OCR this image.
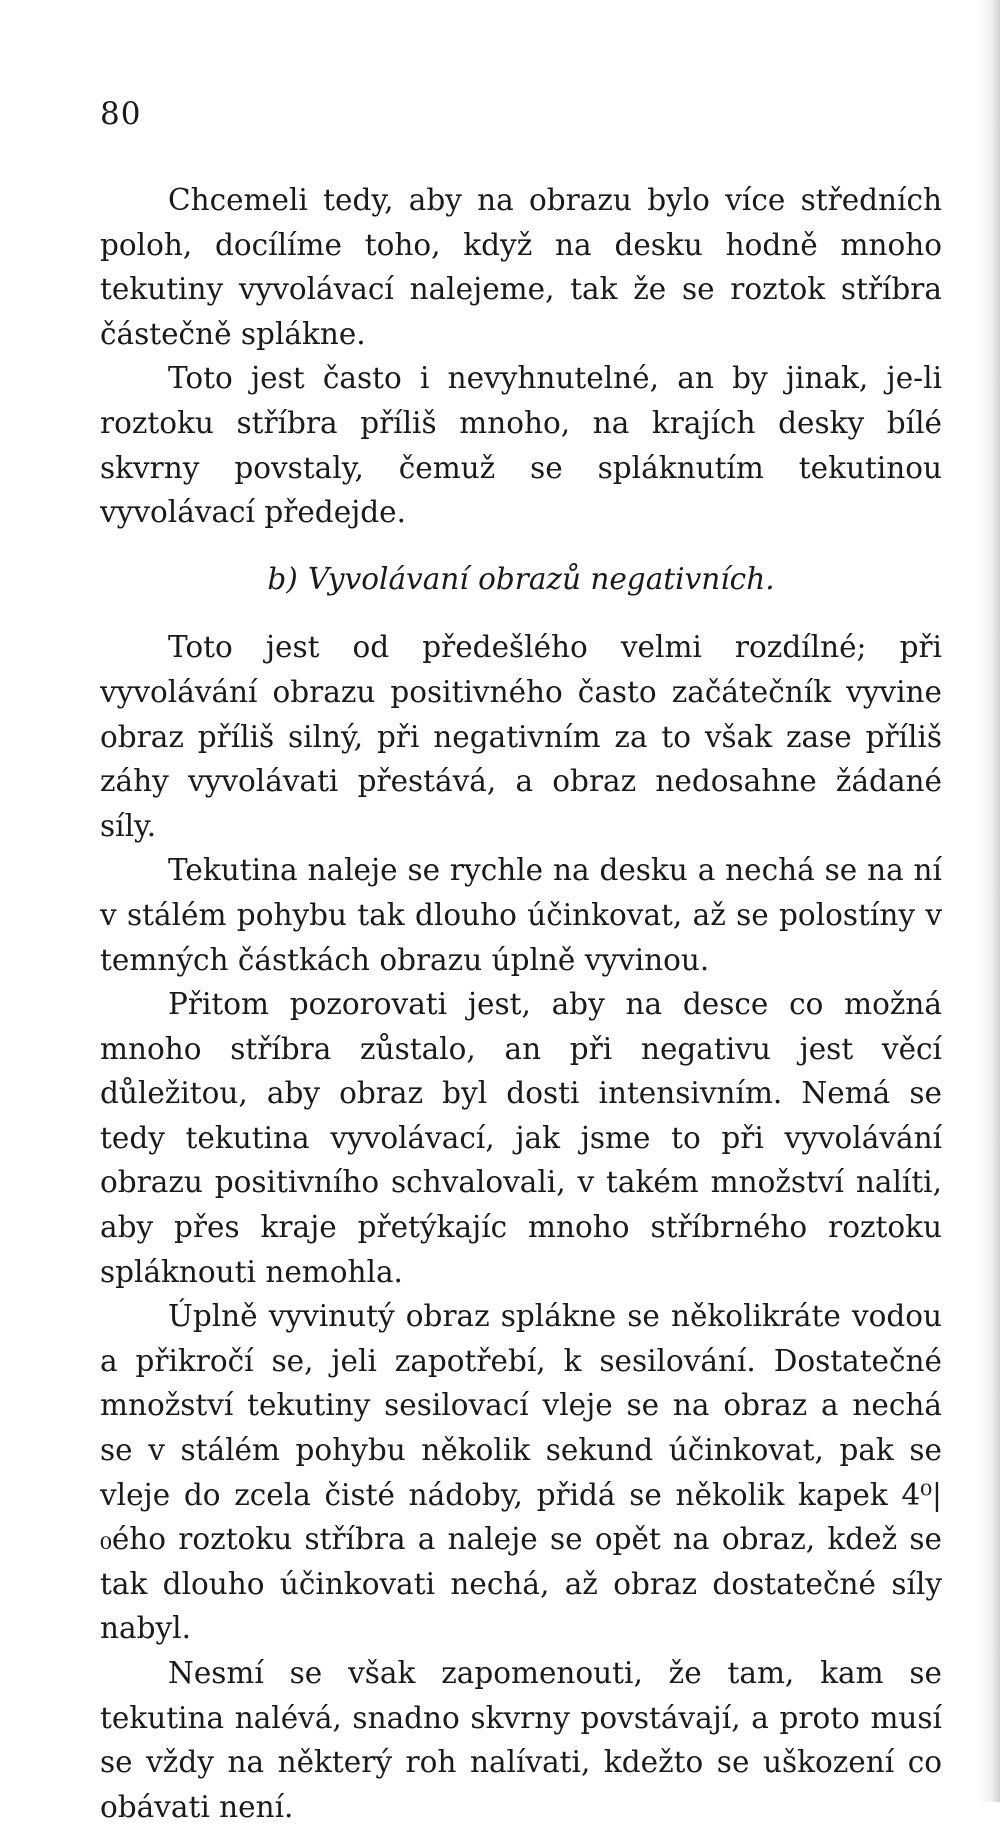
80

Chcemeli tedy, aby na obrazu bylo více středních poloh, docílíme toho, když na desku hodně mnoho tekutiny vyvolávací nalejeme, tak že se roztok stříbra částečně splákne.

Toto jest často i nevyhnutelné, an by jinak, je-li roztoku stříbra příliš mnoho, na krajích desky bílé skvrny povstaly, čemuž se spláknutím tekutinou vyvolávací předejde.

b) Vyvolávaní obrazů negativních.

Toto jest od předešlého velmi rozdílné; při vyvolávání obrazu positivného často začátečník vyvine obraz příliš silný, při negativním za to však zase příliš záhy vyvolávati přestává, a obraz nedosahne žádané síly.

Tekutina naleje se rychle na desku a nechá se na ní v stálém pohybu tak dlouho účinkovat, až se polostíny v temných částkách obrazu úplně vyvinou.

Přitom pozorovati jest, aby na desce co možná mnoho stříbra zůstalo, an při negativu jest věcí důležitou, aby obraz byl dosti intensivním. Nemá se tedy tekutina vyvolávací, jak jsme to při vyvolávání obrazu positivního schvalovali, v takém množství nalíti, aby přes kraje přetýkajíc mnoho stříbrného roztoku spláknouti nemohla.

Úplně vyvinutý obraz spláknе se několikráte vodou a přikročí se, jeli zapotřebí, k sesilování. Dostatečné množství tekutiny sesilovací vleje se na obraz a nechá se v stálém pohybu několik sekund účinkovat, pak se vleje do zcela čisté nádoby, přidá se několik kapek 4⁰|₀ého roztoku stříbra a naleje se opět na obraz, kdež se tak dlouho účinkovati nechá, až obraz dostatečné síly nabyl.

Nesmí se však zapomenouti, že tam, kam se tekutina nalévá, snadno skvrny povstávají, a proto musí se vždy na některý roh nalívati, kdežto se uškození co obávati není.
